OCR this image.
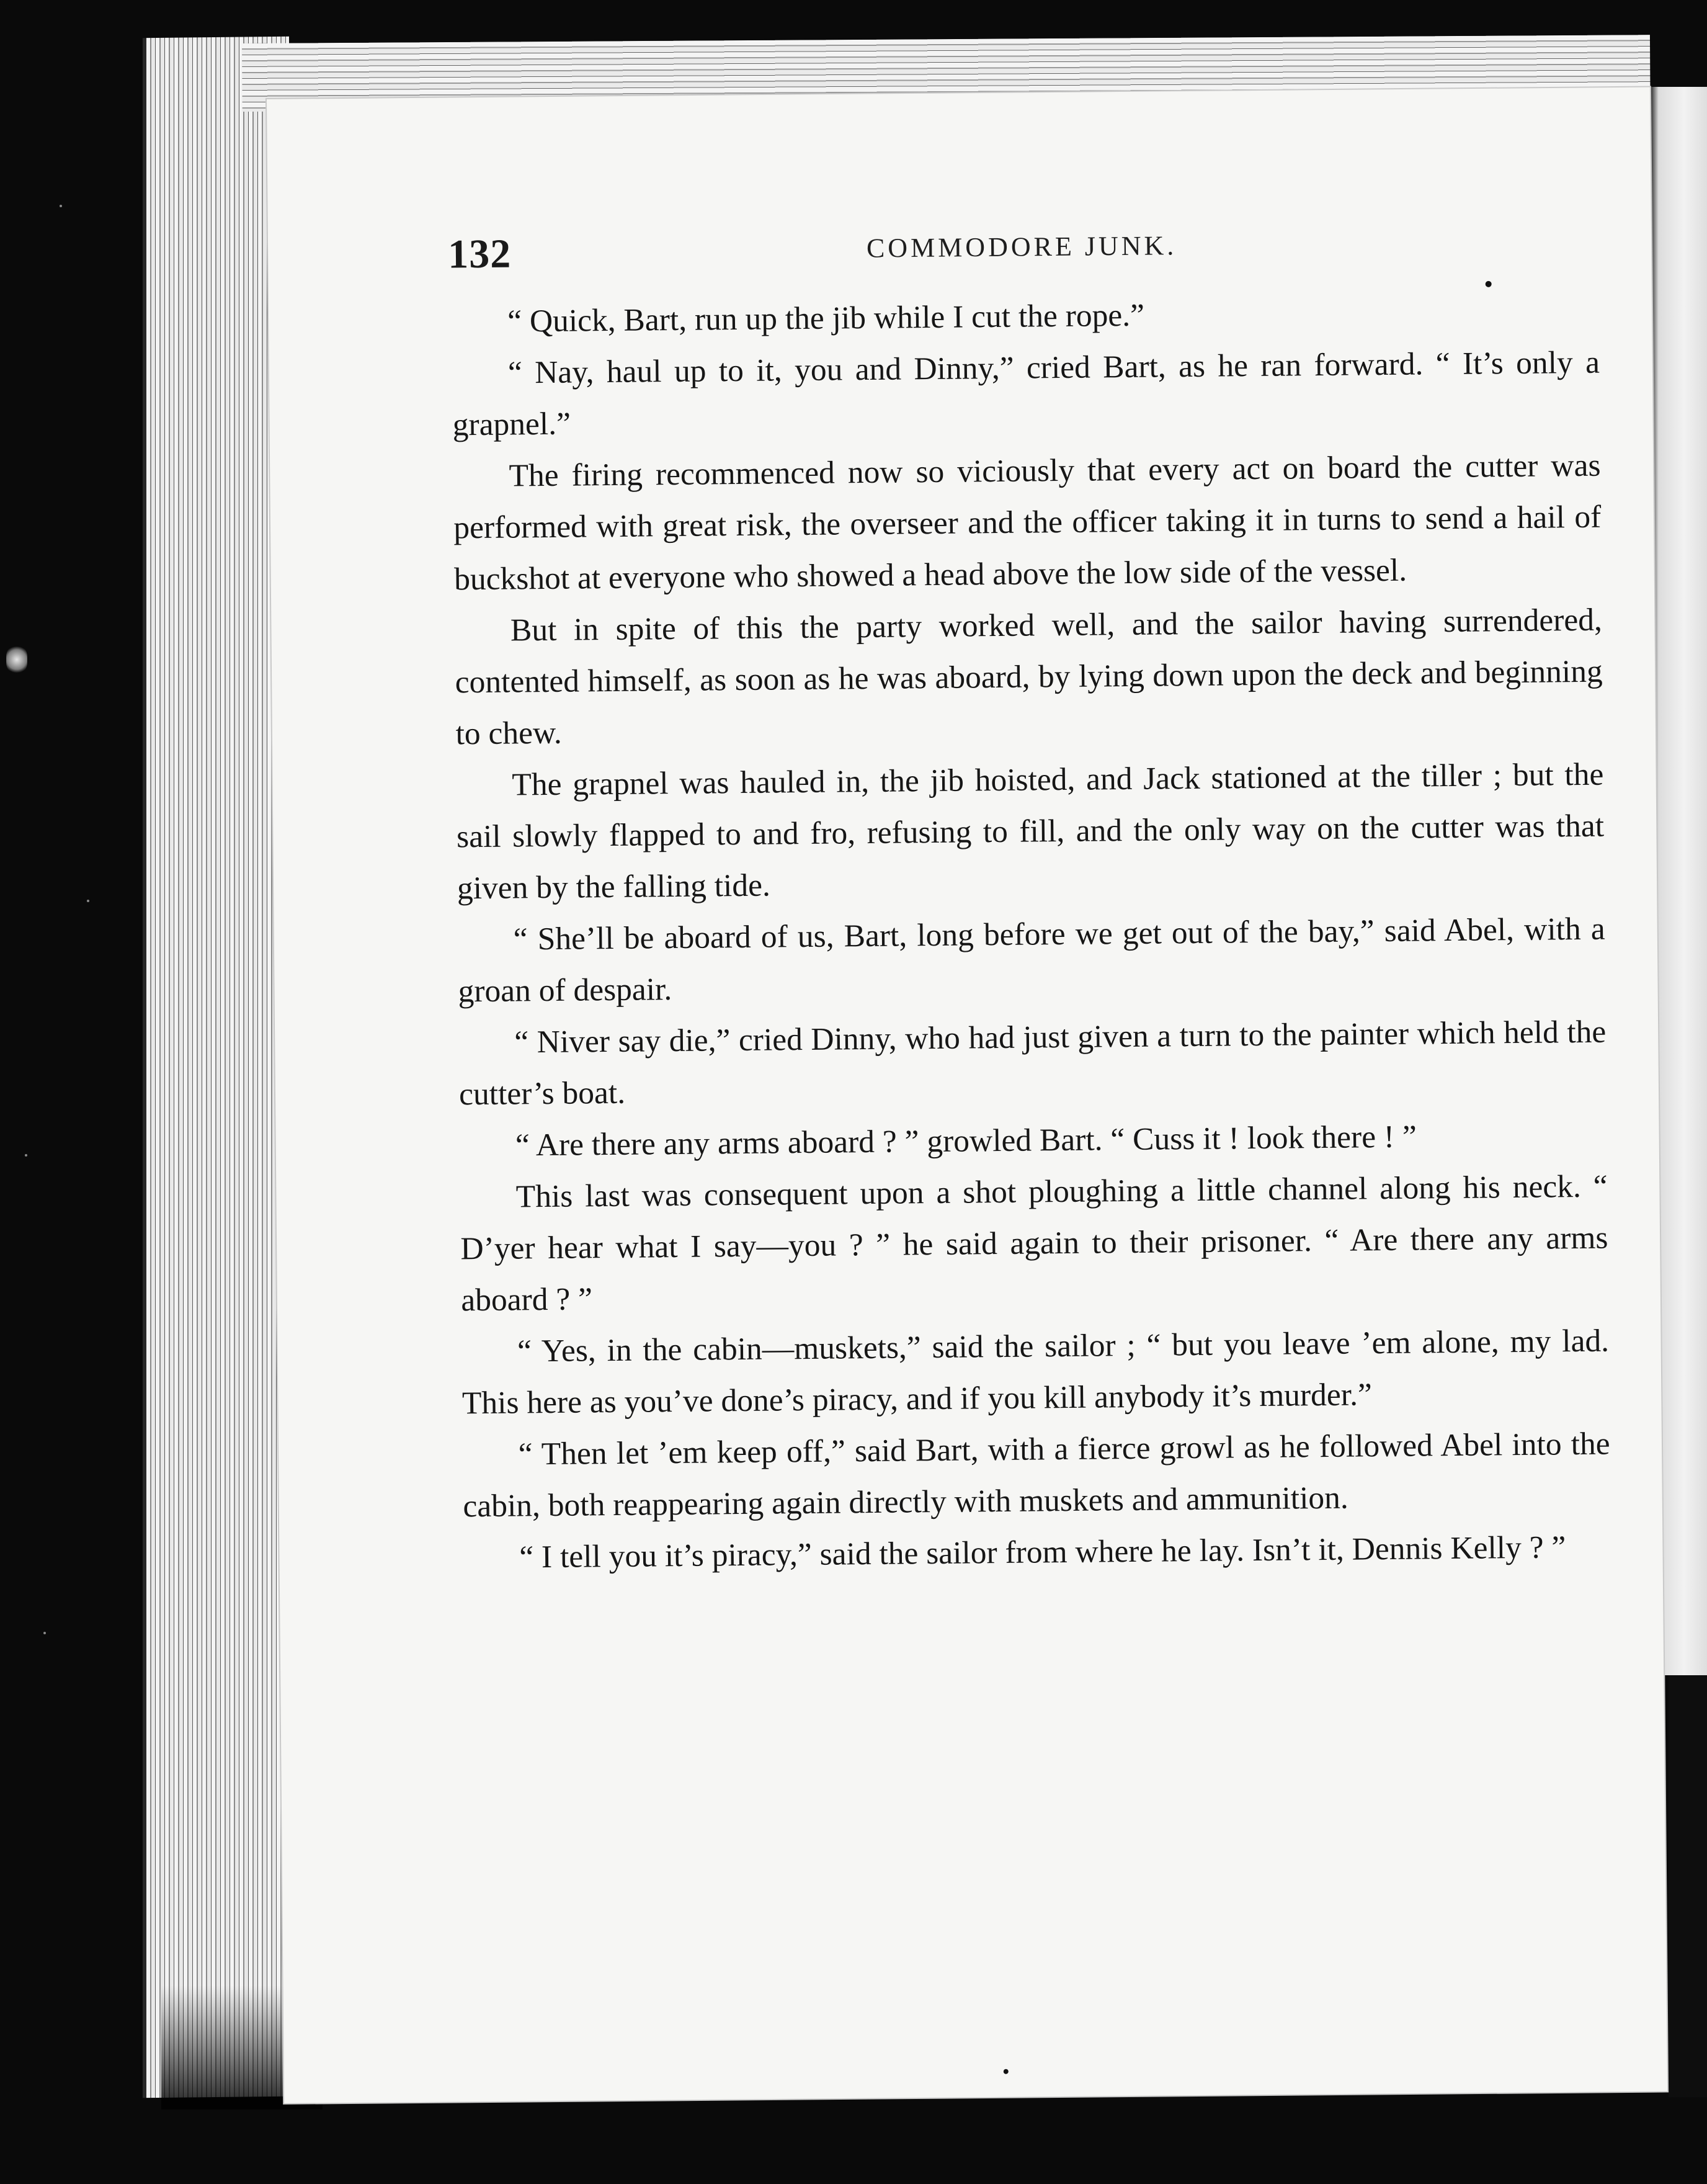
132	COMMODORE JUNK.

“ Quick, Bart, run up the jib while I cut the rope.”

“ Nay, haul up to it, you and Dinny,” cried Bart, as he ran forward. “ It’s only a grapnel.”

The firing recommenced now so viciously that every act on board the cutter was performed with great risk, the overseer and the officer taking it in turns to send a hail of buckshot at everyone who showed a head above the low side of the vessel.

But in spite of this the party worked well, and the sailor having surrendered, contented himself, as soon as he was aboard, by lying down upon the deck and beginning to chew.

The grapnel was hauled in, the jib hoisted, and Jack stationed at the tiller ; but the sail slowly flapped to and fro, refusing to fill, and the only way on the cutter was that given by the falling tide.

“ She’ll be aboard of us, Bart, long before we get out of the bay,” said Abel, with a groan of despair.

“ Niver say die,” cried Dinny, who had just given a turn to the painter which held the cutter’s boat.

“ Are there any arms aboard ? ” growled Bart. “ Cuss it ! look there ! ”

This last was consequent upon a shot ploughing a little channel along his neck. “ D’yer hear what I say—you ? ” he said again to their prisoner. “ Are there any arms aboard ? ”

“ Yes, in the cabin—muskets,” said the sailor ; “ but you leave ’em alone, my lad. This here as you’ve done’s piracy, and if you kill anybody it’s murder.”

“ Then let ’em keep off,” said Bart, with a fierce growl as he followed Abel into the cabin, both reappearing again directly with muskets and ammunition.

“ I tell you it’s piracy,” said the sailor from where he lay. Isn’t it, Dennis Kelly ? ”
